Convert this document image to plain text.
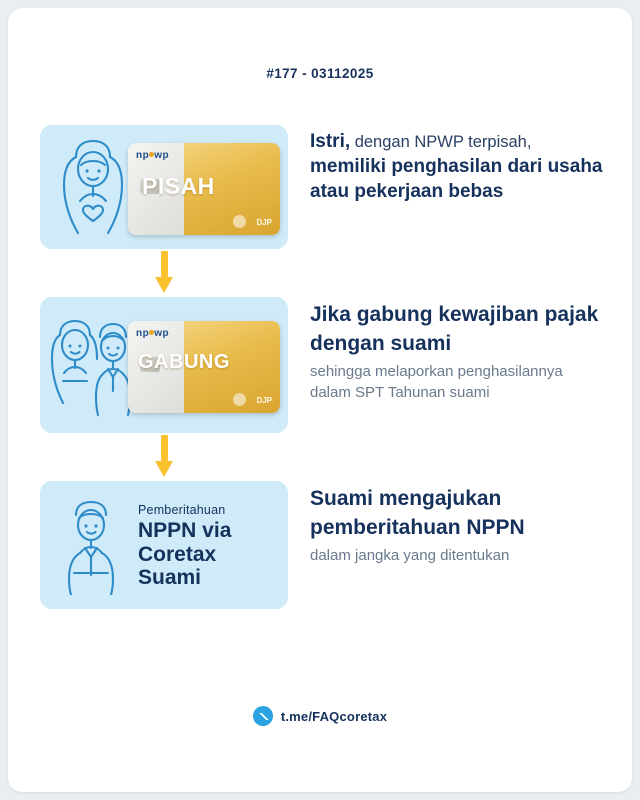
#177 - 03112025
np wp
PISAH
DJP
Istri, dengan NPWP terpisah,
memiliki penghasilan dari usaha atau pekerjaan bebas
np wp
GABUNG
DJP
Jika gabung kewajiban pajak dengan suami
sehingga melaporkan penghasilannya dalam SPT Tahunan suami
Pemberitahuan
NPPN via Coretax Suami
Suami mengajukan pemberitahuan NPPN
dalam jangka yang ditentukan
t.me/FAQcoretax
